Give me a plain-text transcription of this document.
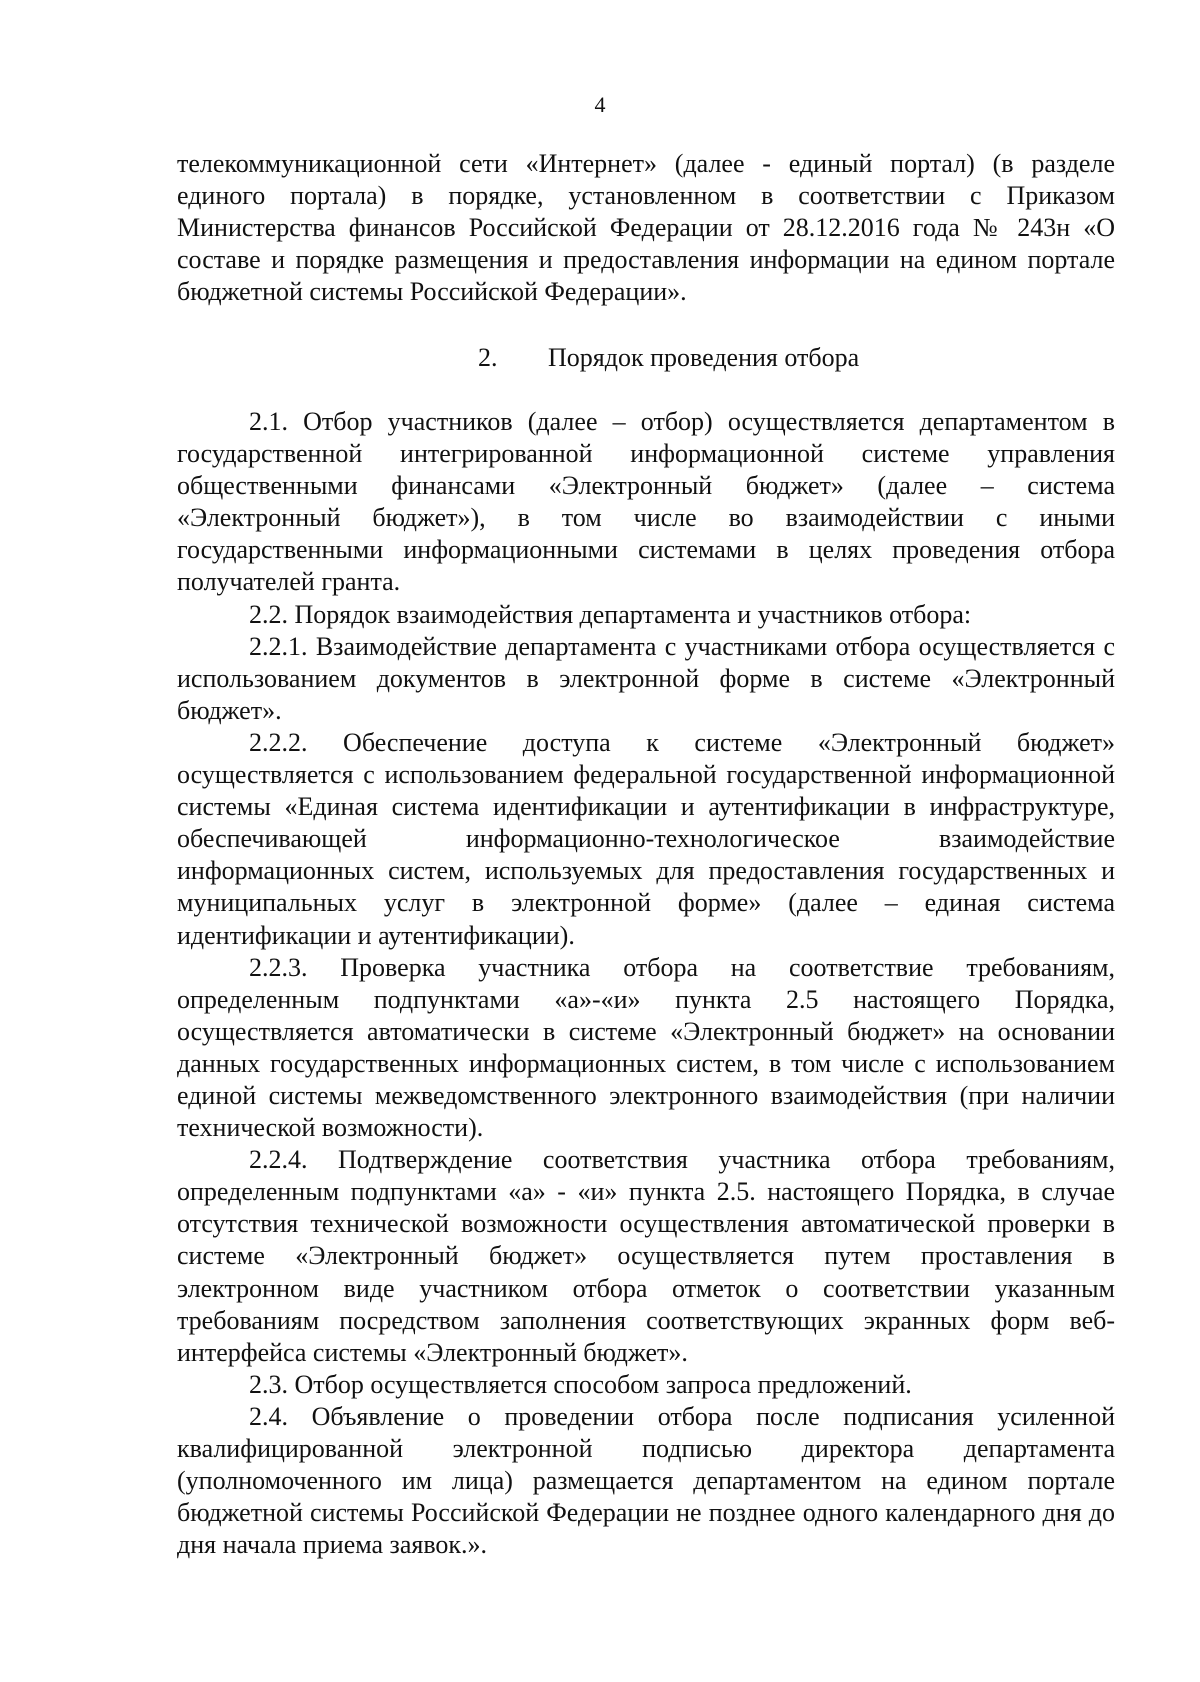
4

телекоммуникационной сети «Интернет» (далее - единый портал) (в разделе единого портала) в порядке, установленном в соответствии с Приказом Министерства финансов Российской Федерации от 28.12.2016 года № 243н «О составе и порядке размещения и предоставления информации на едином портале бюджетной системы Российской Федерации».

2. Порядок проведения отбора

2.1. Отбор участников (далее – отбор) осуществляется департаментом в государственной интегрированной информационной системе управления общественными финансами «Электронный бюджет» (далее – система «Электронный бюджет»), в том числе во взаимодействии с иными государственными информационными системами в целях проведения отбора получателей гранта.

2.2. Порядок взаимодействия департамента и участников отбора:

2.2.1. Взаимодействие департамента с участниками отбора осуществляется с использованием документов в электронной форме в системе «Электронный бюджет».

2.2.2. Обеспечение доступа к системе «Электронный бюджет» осуществляется с использованием федеральной государственной информационной системы «Единая система идентификации и аутентификации в инфраструктуре, обеспечивающей информационно-технологическое взаимодействие информационных систем, используемых для предоставления государственных и муниципальных услуг в электронной форме» (далее – единая система идентификации и аутентификации).

2.2.3. Проверка участника отбора на соответствие требованиям, определенным подпунктами «а»-«и» пункта 2.5 настоящего Порядка, осуществляется автоматически в системе «Электронный бюджет» на основании данных государственных информационных систем, в том числе с использованием единой системы межведомственного электронного взаимодействия (при наличии технической возможности).

2.2.4. Подтверждение соответствия участника отбора требованиям, определенным подпунктами «а» - «и» пункта 2.5. настоящего Порядка, в случае отсутствия технической возможности осуществления автоматической проверки в системе «Электронный бюджет» осуществляется путем проставления в электронном виде участником отбора отметок о соответствии указанным требованиям посредством заполнения соответствующих экранных форм веб-интерфейса системы «Электронный бюджет».

2.3. Отбор осуществляется способом запроса предложений.

2.4. Объявление о проведении отбора после подписания усиленной квалифицированной электронной подписью директора департамента (уполномоченного им лица) размещается департаментом на едином портале бюджетной системы Российской Федерации не позднее одного календарного дня до дня начала приема заявок.».
